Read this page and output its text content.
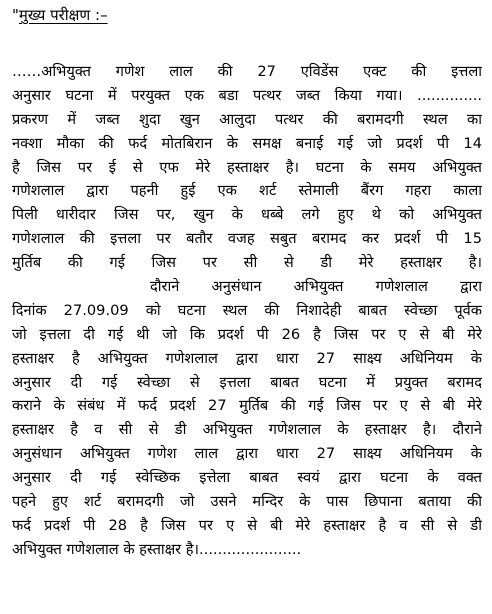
"मुख्य परीक्षण :–
……अभियुक्त गणेश लाल की 27 एविडेंस एक्ट की इत्तला
अनुसार घटना में परयुक्त एक बडा पत्थर जब्त किया गया। ..............
प्रकरण में जब्त शुदा खुन आलुदा पत्थर की बरामदगी स्थल का
नक्शा मौका की फर्द मोतबिरान के समक्ष बनाई गई जो प्रदर्श पी 14
है जिस पर ई से एफ मेरे हस्ताक्षर है। घटना के समय अभियुक्त
गणेशलाल द्वारा पहनी हुई एक शर्ट स्तेमाली बैंरग गहरा काला
पिली धारीदार जिस पर, खुन के धब्बे लगे हुए थे को अभियुक्त
गणेशलाल की इत्तला पर बतौर वजह सबुत बरामद कर प्रदर्श पी 15
मुर्तिब की गई जिस पर सी से डी मेरे हस्ताक्षर है।
दौराने अनुसंधान अभियुक्त गणेशलाल द्वारा
दिनांक 27.09.09 को घटना स्थल की निशादेही बाबत स्वेच्छा पूर्वक
जो इत्तला दी गई थी जो कि प्रदर्श पी 26 है जिस पर ए से बी मेरे
हस्ताक्षर है अभियुक्त गणेशलाल द्वारा धारा 27 साक्ष्य अधिनियम के
अनुसार दी गई स्वेच्छा से इत्तला बाबत घटना में प्रयुक्त बरामद
कराने के संबंध में फर्द प्रदर्श 27 मुर्तिब की गई जिस पर ए से बी मेरे
हस्ताक्षर है व सी से डी अभियुक्त गणेशलाल के हस्ताक्षर है। दौराने
अनुसंधान अभियुक्त गणेश लाल द्वारा धारा 27 साक्ष्य अधिनियम के
अनुसार दी गई स्वेच्छिक इत्तेला बाबत स्वयं द्वारा घटना के वक्त
पहने हुए शर्ट बरामदगी जो उसने मन्दिर के पास छिपाना बताया की
फर्द प्रदर्श पी 28 है जिस पर ए से बी मेरे हस्ताक्षर है व सी से डी
अभियुक्त गणेशलाल के हस्ताक्षर है।......................
